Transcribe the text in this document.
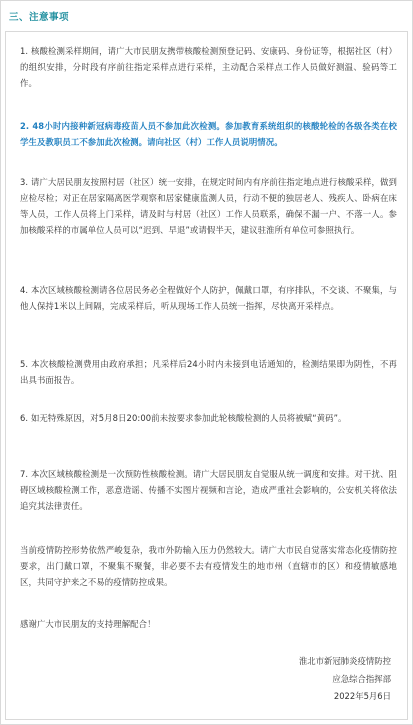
三、注意事项

1. 核酸检测采样期间，请广大市民朋友携带核酸检测预登记码、安康码、身份证等，根据社区（村）的组织安排，分时段有序前往指定采样点进行采样，主动配合采样点工作人员做好测温、验码等工作。

2. 48小时内接种新冠病毒疫苗人员不参加此次检测。参加教育系统组织的核酸轮检的各级各类在校学生及教职员工不参加此次检测。请向社区（村）工作人员说明情况。

3. 请广大居民朋友按照村居（社区）统一安排，在规定时间内有序前往指定地点进行核酸采样，做到应检尽检；对正在居家隔离医学观察和居家健康监测人员，行动不便的独居老人、残疾人、卧病在床等人员，工作人员将上门采样，请及时与村居（社区）工作人员联系，确保不漏一户、不落一人。参加核酸采样的市属单位人员可以“迟到、早退”或请假半天，建议驻淮所有单位可参照执行。

4. 本次区域核酸检测请各位居民务必全程做好个人防护，佩戴口罩，有序排队，不交谈、不聚集，与他人保持1米以上间隔，完成采样后，听从现场工作人员统一指挥，尽快离开采样点。

5. 本次核酸检测费用由政府承担；凡采样后24小时内未接到电话通知的，检测结果即为阴性，不再出具书面报告。

6. 如无特殊原因，对5月8日20:00前未按要求参加此轮核酸检测的人员将被赋“黄码”。

7. 本次区域核酸检测是一次预防性核酸检测。请广大居民朋友自觉服从统一调度和安排。对干扰、阻碍区域核酸检测工作，恶意造谣、传播不实图片视频和言论，造成严重社会影响的，公安机关将依法追究其法律责任。

当前疫情防控形势依然严峻复杂，我市外防输入压力仍然较大。请广大市民自觉落实常态化疫情防控要求，出门戴口罩，不聚集不聚餐，非必要不去有疫情发生的地市州（直辖市的区）和疫情敏感地区，共同守护来之不易的疫情防控成果。

感谢广大市民朋友的支持理解配合！

淮北市新冠肺炎疫情防控
应急综合指挥部
2022年5月6日
